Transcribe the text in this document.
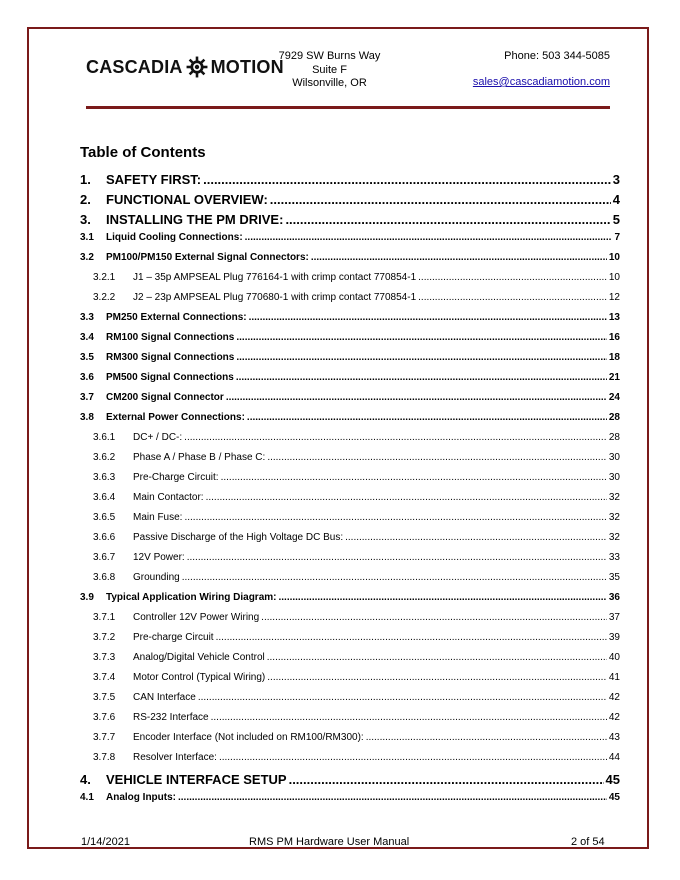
CASCADIA MOTION
7929 SW Burns Way
Suite F
Wilsonville, OR
Phone: 503 344-5085
sales@cascadiamotion.com
Table of Contents
1.	SAFETY FIRST: .....	3
2.	FUNCTIONAL OVERVIEW: .....	4
3.	INSTALLING THE PM DRIVE: .....	5
3.1	Liquid Cooling Connections: .....	7
3.2	PM100/PM150 External Signal Connectors: .....	10
3.2.1	J1 – 35p AMPSEAL Plug 776164-1 with crimp contact 770854-1 .....	10
3.2.2	J2 – 23p AMPSEAL Plug 770680-1 with crimp contact 770854-1 .....	12
3.3	PM250 External Connections: .....	13
3.4	RM100 Signal Connections .....	16
3.5	RM300 Signal Connections .....	18
3.6	PM500 Signal Connections .....	21
3.7	CM200 Signal Connector .....	24
3.8	External Power Connections: .....	28
3.6.1	DC+ / DC-: .....	28
3.6.2	Phase A / Phase B / Phase C: .....	30
3.6.3	Pre-Charge Circuit: .....	30
3.6.4	Main Contactor: .....	32
3.6.5	Main Fuse: .....	32
3.6.6	Passive Discharge of the High Voltage DC Bus: .....	32
3.6.7	12V Power: .....	33
3.6.8	Grounding .....	35
3.9	Typical Application Wiring Diagram: .....	36
3.7.1	Controller 12V Power Wiring .....	37
3.7.2	Pre-charge Circuit .....	39
3.7.3	Analog/Digital Vehicle Control .....	40
3.7.4	Motor Control (Typical Wiring) .....	41
3.7.5	CAN Interface .....	42
3.7.6	RS-232 Interface .....	42
3.7.7	Encoder Interface (Not included on RM100/RM300): .....	43
3.7.8	Resolver Interface: .....	44
4.	VEHICLE INTERFACE SETUP .....	45
4.1	Analog Inputs: .....	45
1/14/2021	RMS PM Hardware User Manual	2 of 54
